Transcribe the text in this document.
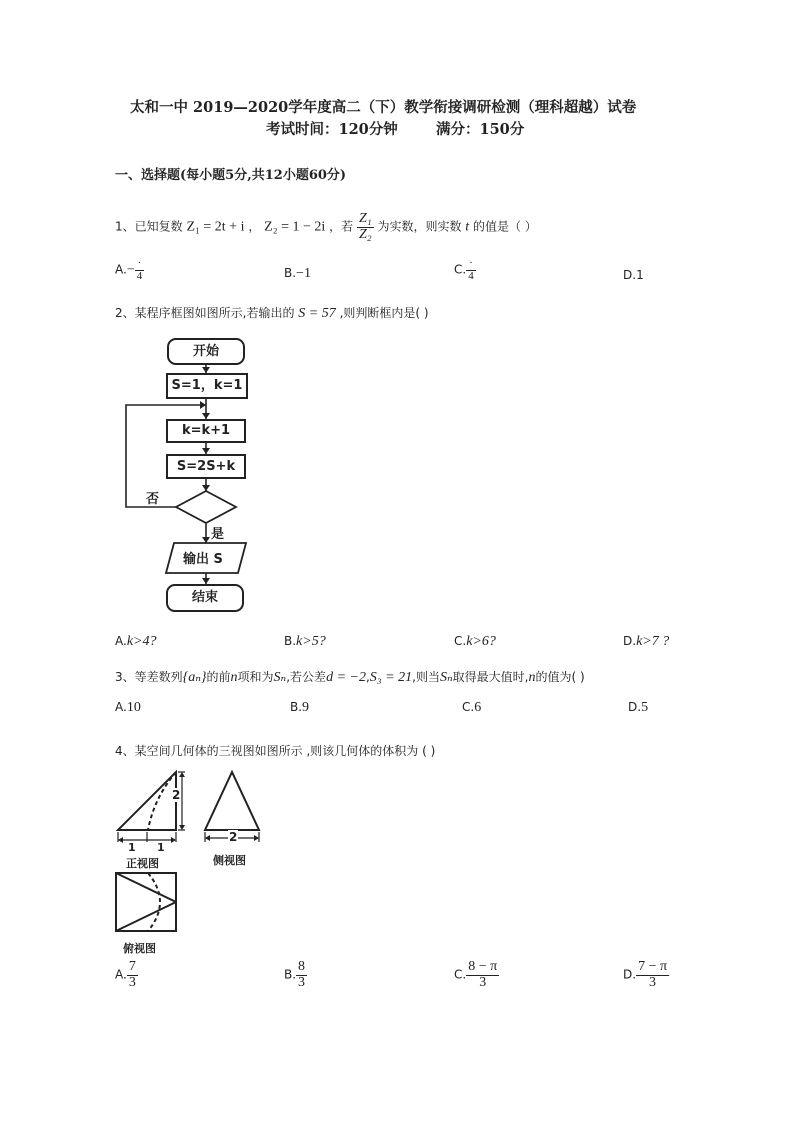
太和一中 2019—2020学年度高二（下）教学衔接调研检测（理科超越）试卷
考试时间：120分钟	满分：150分
一、选择题(每小题5分,共12小题60分)
1、已知复数 Z₁ = 2t + i ， Z₂ = 1 − 2i ，若 $\frac{\text{Z₁}}{\text{Z₂}}$ 为实数，则实数 t 的值是（ ）
$A.- \frac{\cdot}{4}$	B.−1	C. $\frac{\cdot}{4}$	D.1
2、某程序框图如图所示,若输出的 S = 57 ,则判断框内是( )
开始
S=1，k=1
k=k+1
S=2S+k
否
是
输出 S
结束
A.k>4?	B.k>5?	C.k>6?	D.k>7 ?
3、等差数列{aₙ}的前n项和为Sₙ,若公差d = −2,S₃ = 21,则当Sₙ取得最大值时,n的值为( )
A.10	B.9	C.6	D.5
4、某空间几何体的三视图如图所示 ,则该几何体的体积为 ( )
2
1 1
2
正视图	侧视图
俯视图
A. $\frac{7}{3}$	B. $\frac{8}{3}$	C. $\frac{8 - \pi}{3}$	D. $\frac{7 - \pi}{3}$
